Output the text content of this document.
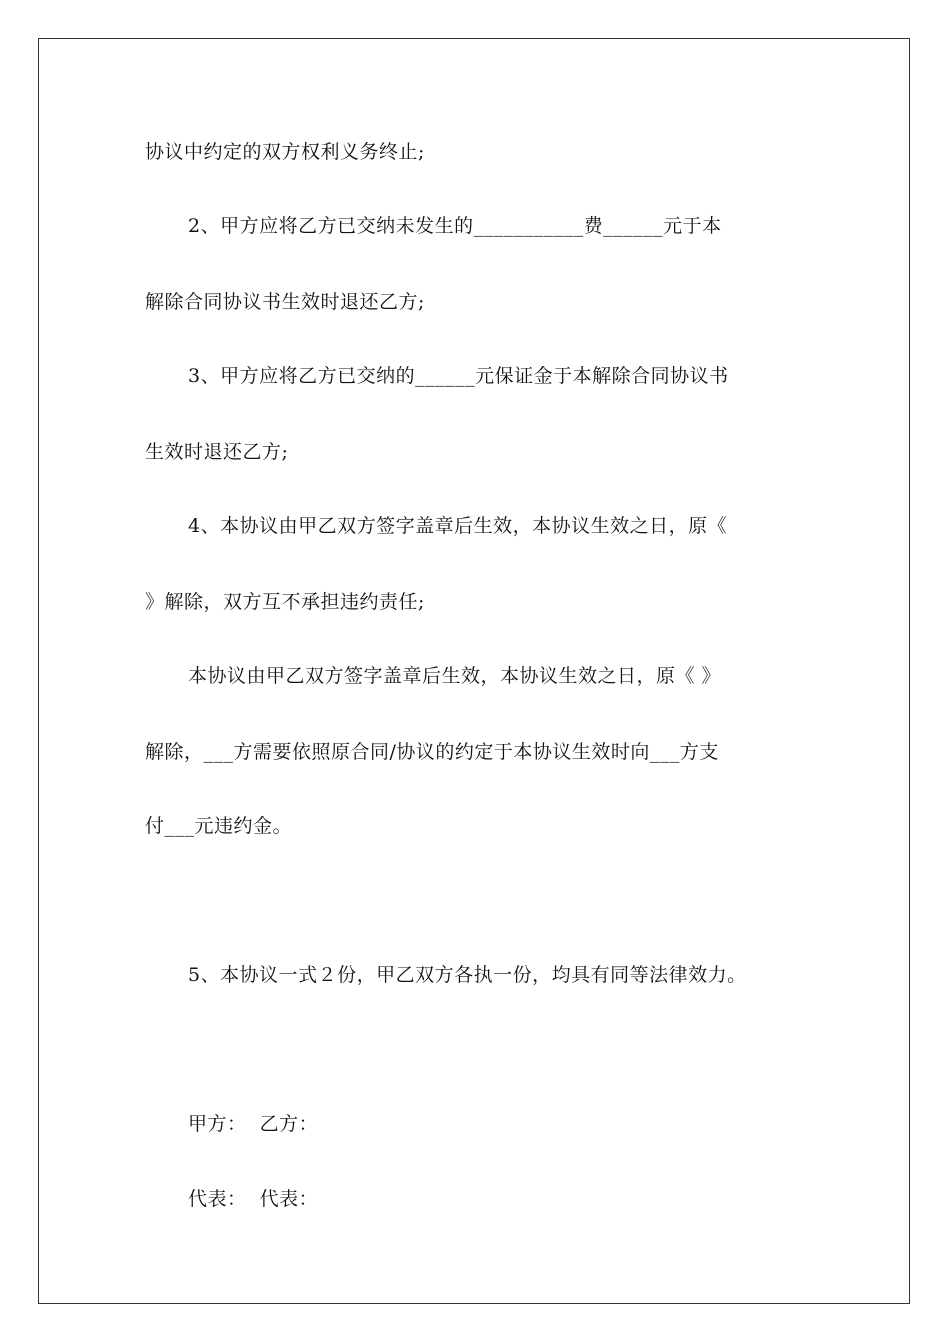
协议中约定的双方权利义务终止;
2、甲方应将乙方已交纳未发生的___________费______元于本
解除合同协议书生效时退还乙方;
3、甲方应将乙方已交纳的______元保证金于本解除合同协议书
生效时退还乙方;
4、本协议由甲乙双方签字盖章后生效，本协议生效之日，原《
》解除，双方互不承担违约责任;
本协议由甲乙双方签字盖章后生效，本协议生效之日，原《 》
解除，___方需要依照原合同/协议的约定于本协议生效时向___方支
付___元违约金。
5、本协议一式２份，甲乙双方各执一份，均具有同等法律效力。
甲方：  乙方：
代表：  代表：
